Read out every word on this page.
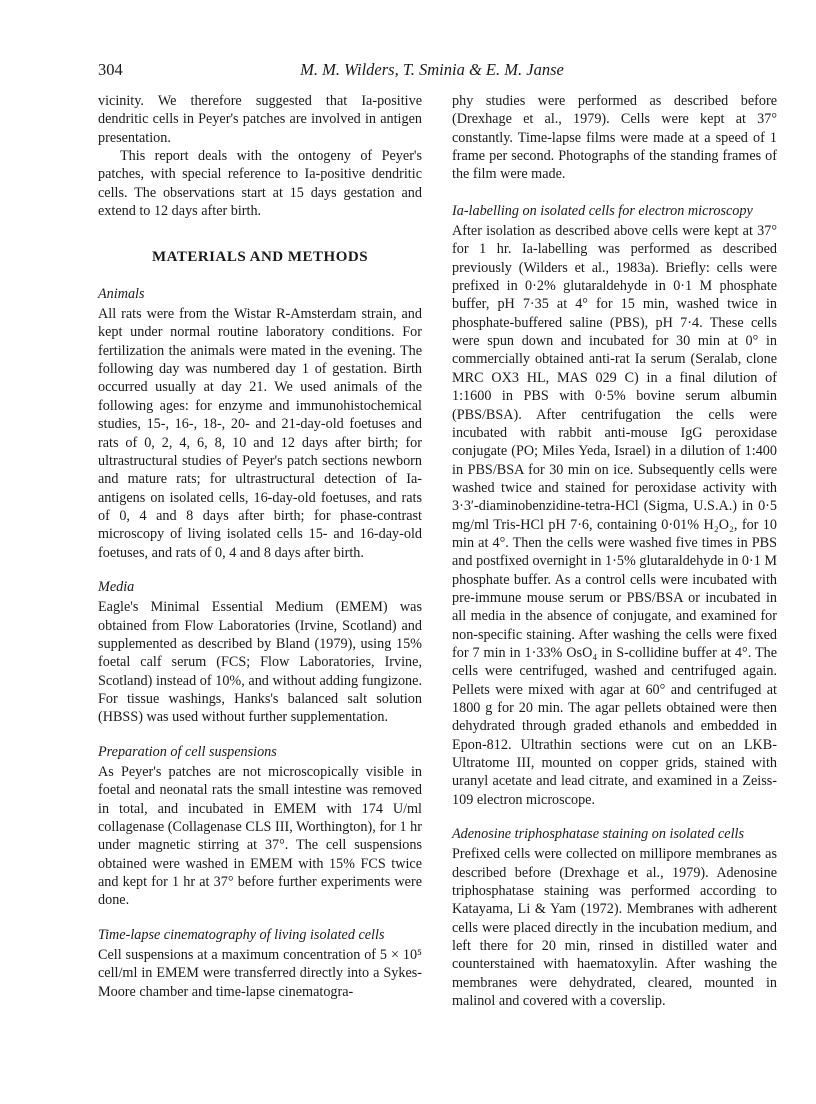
304	M. M. Wilders, T. Sminia & E. M. Janse

vicinity. We therefore suggested that Ia-positive dendritic cells in Peyer's patches are involved in antigen presentation.

This report deals with the ontogeny of Peyer's patches, with special reference to Ia-positive dendritic cells. The observations start at 15 days gestation and extend to 12 days after birth.

MATERIALS AND METHODS
Animals

All rats were from the Wistar R-Amsterdam strain, and kept under normal routine laboratory conditions. For fertilization the animals were mated in the evening. The following day was numbered day 1 of gestation. Birth occurred usually at day 21. We used animals of the following ages: for enzyme and immunohistochemical studies, 15-, 16-, 18-, 20- and 21-day-old foetuses and rats of 0, 2, 4, 6, 8, 10 and 12 days after birth; for ultrastructural studies of Peyer's patch sections newborn and mature rats; for ultrastructural detection of Ia-antigens on isolated cells, 16-day-old foetuses, and rats of 0, 4 and 8 days after birth; for phase-contrast microscopy of living isolated cells 15- and 16-day-old foetuses, and rats of 0, 4 and 8 days after birth.

Media

Eagle's Minimal Essential Medium (EMEM) was obtained from Flow Laboratories (Irvine, Scotland) and supplemented as described by Bland (1979), using 15% foetal calf serum (FCS; Flow Laboratories, Irvine, Scotland) instead of 10%, and without adding fungizone. For tissue washings, Hanks's balanced salt solution (HBSS) was used without further supplementation.

Preparation of cell suspensions

As Peyer's patches are not microscopically visible in foetal and neonatal rats the small intestine was removed in total, and incubated in EMEM with 174 U/ml collagenase (Collagenase CLS III, Worthington), for 1 hr under magnetic stirring at 37°. The cell suspensions obtained were washed in EMEM with 15% FCS twice and kept for 1 hr at 37° before further experiments were done.

Time-lapse cinematography of living isolated cells

Cell suspensions at a maximum concentration of 5 × 10⁵ cell/ml in EMEM were transferred directly into a Sykes-Moore chamber and time-lapse cinematogra-

phy studies were performed as described before (Drexhage et al., 1979). Cells were kept at 37° constantly. Time-lapse films were made at a speed of 1 frame per second. Photographs of the standing frames of the film were made.

Ia-labelling on isolated cells for electron microscopy

After isolation as described above cells were kept at 37° for 1 hr. Ia-labelling was performed as described previously (Wilders et al., 1983a). Briefly: cells were prefixed in 0·2% glutaraldehyde in 0·1 M phosphate buffer, pH 7·35 at 4° for 15 min, washed twice in phosphate-buffered saline (PBS), pH 7·4. These cells were spun down and incubated for 30 min at 0° in commercially obtained anti-rat Ia serum (Seralab, clone MRC OX3 HL, MAS 029 C) in a final dilution of 1:1600 in PBS with 0·5% bovine serum albumin (PBS/BSA). After centrifugation the cells were incubated with rabbit anti-mouse IgG peroxidase conjugate (PO; Miles Yeda, Israel) in a dilution of 1:400 in PBS/BSA for 30 min on ice. Subsequently cells were washed twice and stained for peroxidase activity with 3·3′-diaminobenzidine-tetra-HCl (Sigma, U.S.A.) in 0·5 mg/ml Tris-HCl pH 7·6, containing 0·01% H₂O₂, for 10 min at 4°. Then the cells were washed five times in PBS and postfixed overnight in 1·5% glutaraldehyde in 0·1 M phosphate buffer. As a control cells were incubated with pre-immune mouse serum or PBS/BSA or incubated in all media in the absence of conjugate, and examined for non-specific staining. After washing the cells were fixed for 7 min in 1·33% OsO₄ in S-collidine buffer at 4°. The cells were centrifuged, washed and centrifuged again. Pellets were mixed with agar at 60° and centrifuged at 1800 g for 20 min. The agar pellets obtained were then dehydrated through graded ethanols and embedded in Epon-812. Ultrathin sections were cut on an LKB-Ultratome III, mounted on copper grids, stained with uranyl acetate and lead citrate, and examined in a Zeiss-109 electron microscope.

Adenosine triphosphatase staining on isolated cells

Prefixed cells were collected on millipore membranes as described before (Drexhage et al., 1979). Adenosine triphosphatase staining was performed according to Katayama, Li & Yam (1972). Membranes with adherent cells were placed directly in the incubation medium, and left there for 20 min, rinsed in distilled water and counterstained with haematoxylin. After washing the membranes were dehydrated, cleared, mounted in malinol and covered with a coverslip.
